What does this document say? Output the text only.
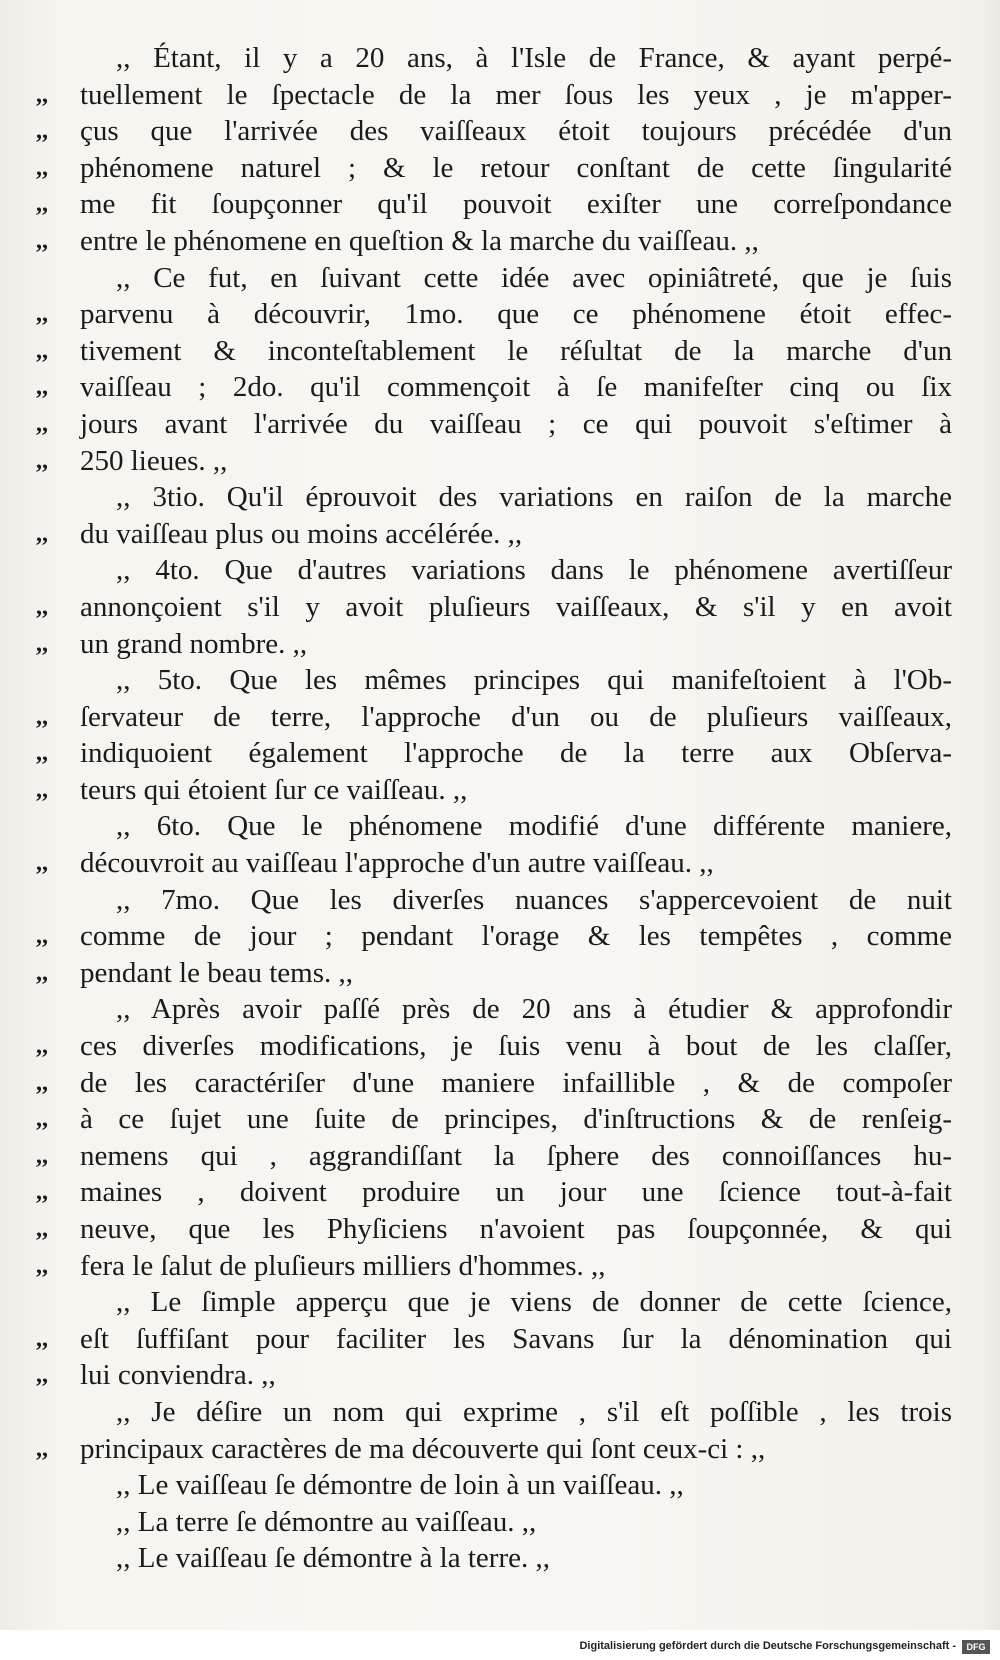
,, Étant, il y a 20 ans, à l'Isle de France, & ayant perpé-
,,	tuellement le ſpectacle de la mer ſous les yeux , je m'apper-
,,	çus que l'arrivée des vaiſſeaux étoit toujours précédée d'un
,,	phénomene naturel ; & le retour conſtant de cette ſingularité
,,	me fit ſoupçonner qu'il pouvoit exiſter une correſpondance
,,	entre le phénomene en queſtion & la marche du vaiſſeau. ,,
,, Ce fut, en ſuivant cette idée avec opiniâtreté, que je ſuis
,,	parvenu à découvrir, 1mo. que ce phénomene étoit effec-
,,	tivement & inconteſtablement le réſultat de la marche d'un
,,	vaiſſeau ; 2do. qu'il commençoit à ſe manifeſter cinq ou ſix
,,	jours avant l'arrivée du vaiſſeau ; ce qui pouvoit s'eſtimer à
,,	250 lieues. ,,
,, 3tio. Qu'il éprouvoit des variations en raiſon de la marche
,,	du vaiſſeau plus ou moins accélérée. ,,
,, 4to. Que d'autres variations dans le phénomene avertiſſeur
,,	annonçoient s'il y avoit pluſieurs vaiſſeaux, & s'il y en avoit
,,	un grand nombre. ,,
,, 5to. Que les mêmes principes qui manifeſtoient à l'Ob-
,,	ſervateur de terre, l'approche d'un ou de pluſieurs vaiſſeaux,
,,	indiquoient également l'approche de la terre aux Obſerva-
,,	teurs qui étoient ſur ce vaiſſeau. ,,
,, 6to. Que le phénomene modifié d'une différente maniere,
,,	découvroit au vaiſſeau l'approche d'un autre vaiſſeau. ,,
,, 7mo. Que les diverſes nuances s'appercevoient de nuit
,,	comme de jour ; pendant l'orage & les tempêtes , comme
,,	pendant le beau tems. ,,
,, Après avoir paſſé près de 20 ans à étudier & approfondir
,,	ces diverſes modifications, je ſuis venu à bout de les claſſer,
,,	de les caractériſer d'une maniere infaillible , & de compoſer
,,	à ce ſujet une ſuite de principes, d'inſtructions & de renſeig-
,,	nemens qui , aggrandiſſant la ſphere des connoiſſances hu-
,,	maines , doivent produire un jour une ſcience tout-à-fait
,,	neuve, que les Phyſiciens n'avoient pas ſoupçonnée, & qui
,,	fera le ſalut de pluſieurs milliers d'hommes. ,,
,, Le ſimple apperçu que je viens de donner de cette ſcience,
,,	eſt ſuffiſant pour faciliter les Savans ſur la dénomination qui
,,	lui conviendra. ,,
,, Je déſire un nom qui exprime , s'il eſt poſſible , les trois
,,	principaux caractères de ma découverte qui ſont ceux-ci : ,,
,, Le vaiſſeau ſe démontre de loin à un vaiſſeau. ,,
,, La terre ſe démontre au vaiſſeau. ,,
,, Le vaiſſeau ſe démontre à la terre. ,,
Digitalisierung gefördert durch die Deutsche Forschungsgemeinschaft -	DFG
